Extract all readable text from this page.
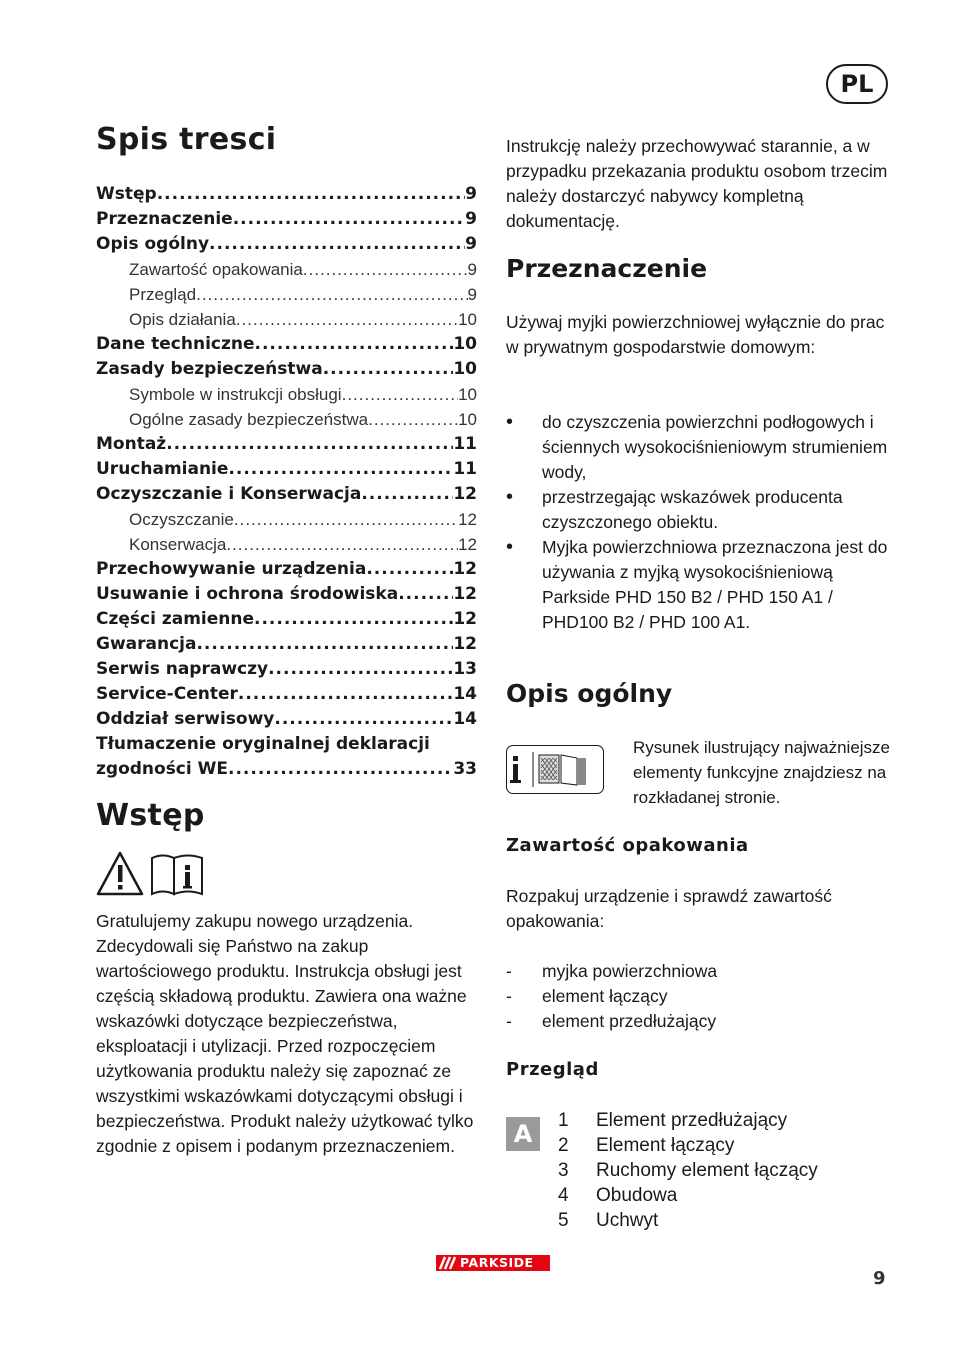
PL
Spis tresci
Wstęp .....	9
Przeznaczenie .....	9
Opis ogólny .....	9
Zawartość opakowania .....	9
Przegląd .....	9
Opis działania .....	10
Dane techniczne .....	10
Zasady bezpieczeństwa .....	10
Symbole w instrukcji obsługi .....	10
Ogólne zasady bezpieczeństwa .....	10
Montaż .....	11
Uruchamianie .....	11
Oczyszczanie i Konserwacja .....	12
Oczyszczanie .....	12
Konserwacja .....	12
Przechowywanie urządzenia .....	12
Usuwanie i ochrona środowiska .....	12
Części zamienne .....	12
Gwarancja .....	12
Serwis naprawczy .....	13
Service-Center .....	14
Oddział serwisowy .....	14
Tłumaczenie oryginalnej deklaracji
zgodności WE .....	33
Wstęp
Gratulujemy zakupu nowego urządzenia. Zdecydowali się Państwo na zakup wartościowego produktu. Instrukcja obsługi jest częścią składową produktu. Zawiera ona ważne wskazówki dotyczące bezpieczeństwa, eksploatacji i utylizacji. Przed rozpoczęciem użytkowania produktu należy się zapoznać ze wszystkimi wskazówkami dotyczącymi obsługi i bezpieczeństwa. Produkt należy użytkować tylko zgodnie z opisem i podanym przeznaczeniem.
Instrukcję należy przechowywać starannie, a w przypadku przekazania produktu osobom trzecim należy dostarczyć nabywcy kompletną dokumentację.
Przeznaczenie
Używaj myjki powierzchniowej wyłącznie do prac w prywatnym gospodarstwie domowym:
• do czyszczenia powierzchni podłogowych i ściennych wysokociśnieniowym strumieniem wody,
• przestrzegając wskazówek producenta czyszczonego obiektu.
• Myjka powierzchniowa przeznaczona jest do używania z myjką wysokociśnieniową Parkside PHD 150 B2 / PHD 150 A1 / PHD100 B2 / PHD 100 A1.
Opis ogólny
Rysunek ilustrujący najważniejsze elementy funkcyjne znajdziesz na rozkładanej stronie.
Zawartość opakowania
Rozpakuj urządzenie i sprawdź zawartość opakowania:
- myjka powierzchniowa
- element łączący
- element przedłużający
Przegląd
A	1	Element przedłużający
2	Element łączący
3	Ruchomy element łączący
4	Obudowa
5	Uchwyt
PARKSIDE
9
